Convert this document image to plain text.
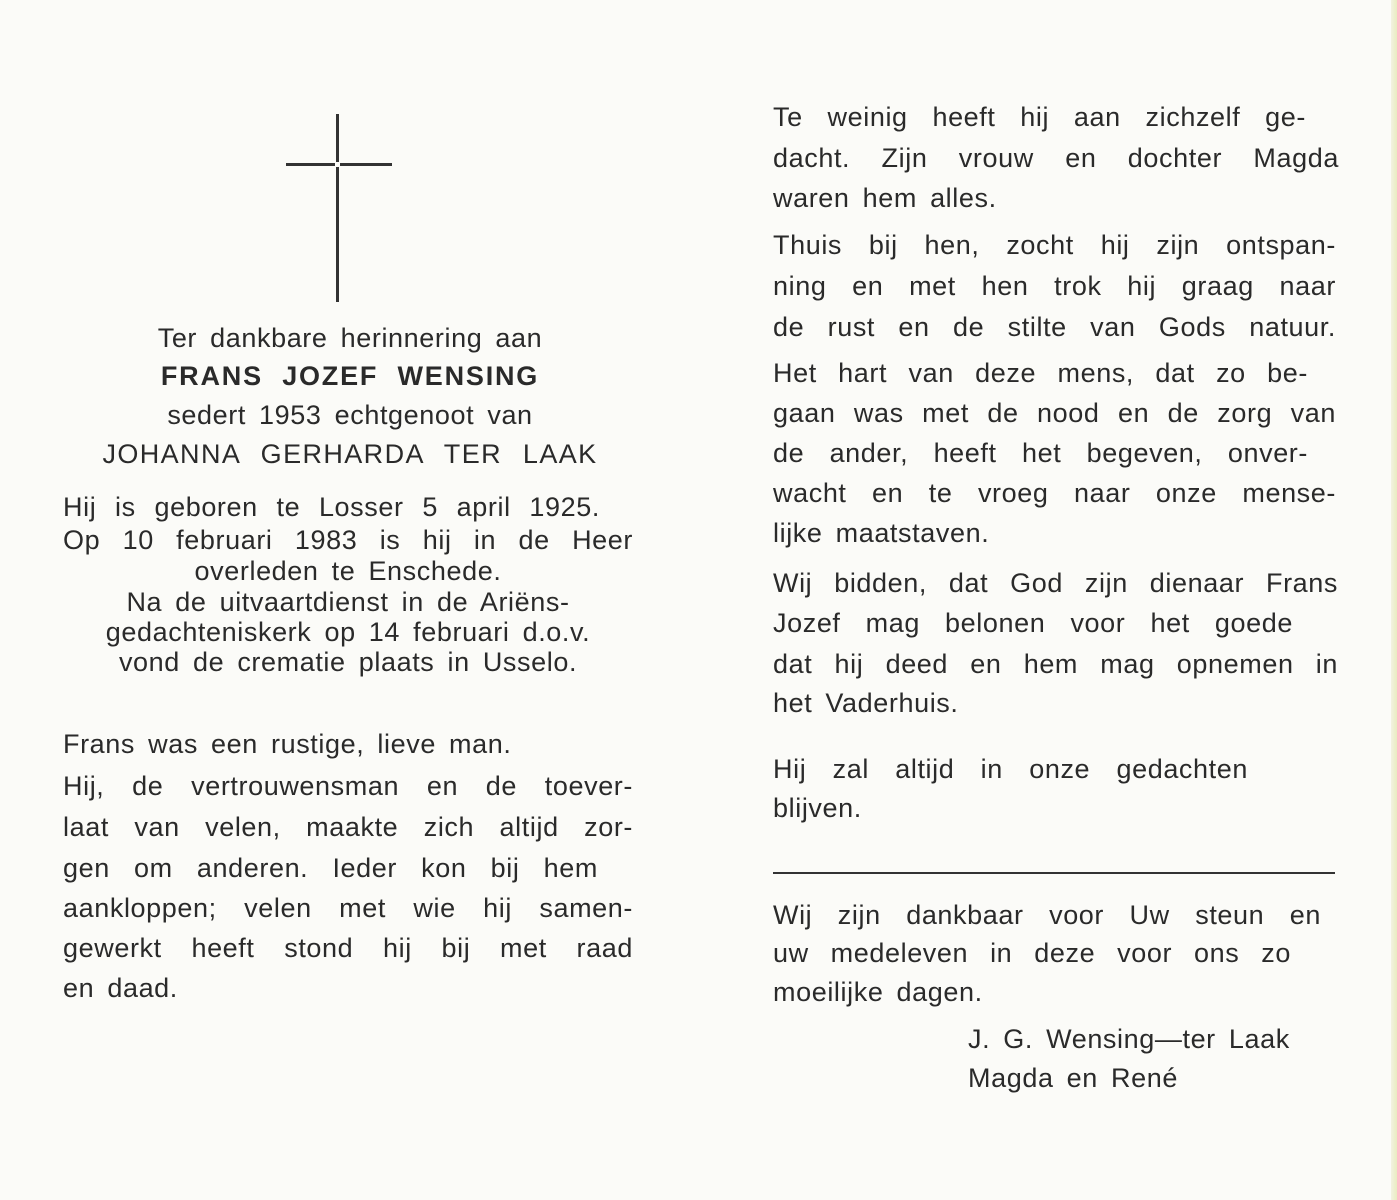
Ter dankbare herinnering aan
FRANS JOZEF WENSING
sedert 1953 echtgenoot van
JOHANNA GERHARDA TER LAAK
Hij is geboren te Losser 5 april 1925.
Op 10 februari 1983 is hij in de Heer
overleden te Enschede.
Na de uitvaartdienst in de Ariëns-
gedachteniskerk op 14 februari d.o.v.
vond de crematie plaats in Usselo.
Frans was een rustige, lieve man.
Hij, de vertrouwensman en de toever-
laat van velen, maakte zich altijd zor-
gen om anderen. Ieder kon bij hem
aankloppen; velen met wie hij samen-
gewerkt heeft stond hij bij met raad
en daad.
Te weinig heeft hij aan zichzelf ge-
dacht. Zijn vrouw en dochter Magda
waren hem alles.
Thuis bij hen, zocht hij zijn ontspan-
ning en met hen trok hij graag naar
de rust en de stilte van Gods natuur.
Het hart van deze mens, dat zo be-
gaan was met de nood en de zorg van
de ander, heeft het begeven, onver-
wacht en te vroeg naar onze mense-
lijke maatstaven.
Wij bidden, dat God zijn dienaar Frans
Jozef mag belonen voor het goede
dat hij deed en hem mag opnemen in
het Vaderhuis.
Hij zal altijd in onze gedachten
blijven.
Wij zijn dankbaar voor Uw steun en
uw medeleven in deze voor ons zo
moeilijke dagen.
J. G. Wensing—ter Laak
Magda en René
